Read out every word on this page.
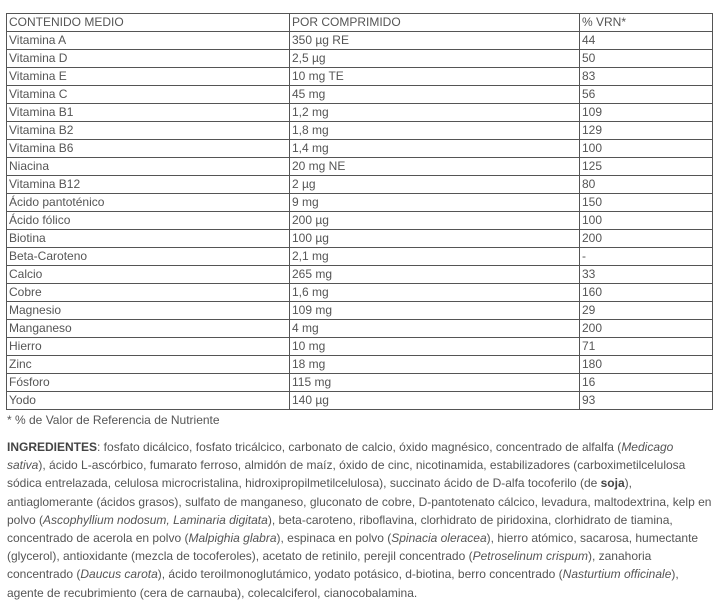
CONTENIDO MEDIO	POR COMPRIMIDO	% VRN*
Vitamina A	350 µg RE	44
Vitamina D	2,5 µg	50
Vitamina E	10 mg TE	83
Vitamina C	45 mg	56
Vitamina B1	1,2 mg	109
Vitamina B2	1,8 mg	129
Vitamina B6	1,4 mg	100
Niacina	20 mg NE	125
Vitamina B12	2 µg	80
Ácido pantoténico	9 mg	150
Ácido fólico	200 µg	100
Biotina	100 µg	200
Beta-Caroteno	2,1 mg	-
Calcio	265 mg	33
Cobre	1,6 mg	160
Magnesio	109 mg	29
Manganeso	4 mg	200
Hierro	10 mg	71
Zinc	18 mg	180
Fósforo	115 mg	16
Yodo	140 µg	93
* % de Valor de Referencia de Nutriente
INGREDIENTES: fosfato dicálcico, fosfato tricálcico, carbonato de calcio, óxido magnésico, concentrado de alfalfa (Medicago sativa), ácido L-ascórbico, fumarato ferroso, almidón de maíz, óxido de cinc, nicotinamida, estabilizadores (carboximetilcelulosa sódica entrelazada, celulosa microcristalina, hidroxipropilmetilcelulosa), succinato ácido de D-alfa tocoferilo (de soja), antiaglomerante (ácidos grasos), sulfato de manganeso, gluconato de cobre, D-pantotenato cálcico, levadura, maltodextrina, kelp en polvo (Ascophyllium nodosum, Laminaria digitata), beta-caroteno, riboflavina, clorhidrato de piridoxina, clorhidrato de tiamina, concentrado de acerola en polvo (Malpighia glabra), espinaca en polvo (Spinacia oleracea), hierro atómico, sacarosa, humectante (glycerol), antioxidante (mezcla de tocoferoles), acetato de retinilo, perejil concentrado (Petroselinum crispum), zanahoria concentrado (Daucus carota), ácido teroilmonoglutámico, yodato potásico, d-biotina, berro concentrado (Nasturtium officinale), agente de recubrimiento (cera de carnauba), colecalciferol, cianocobalamina.
